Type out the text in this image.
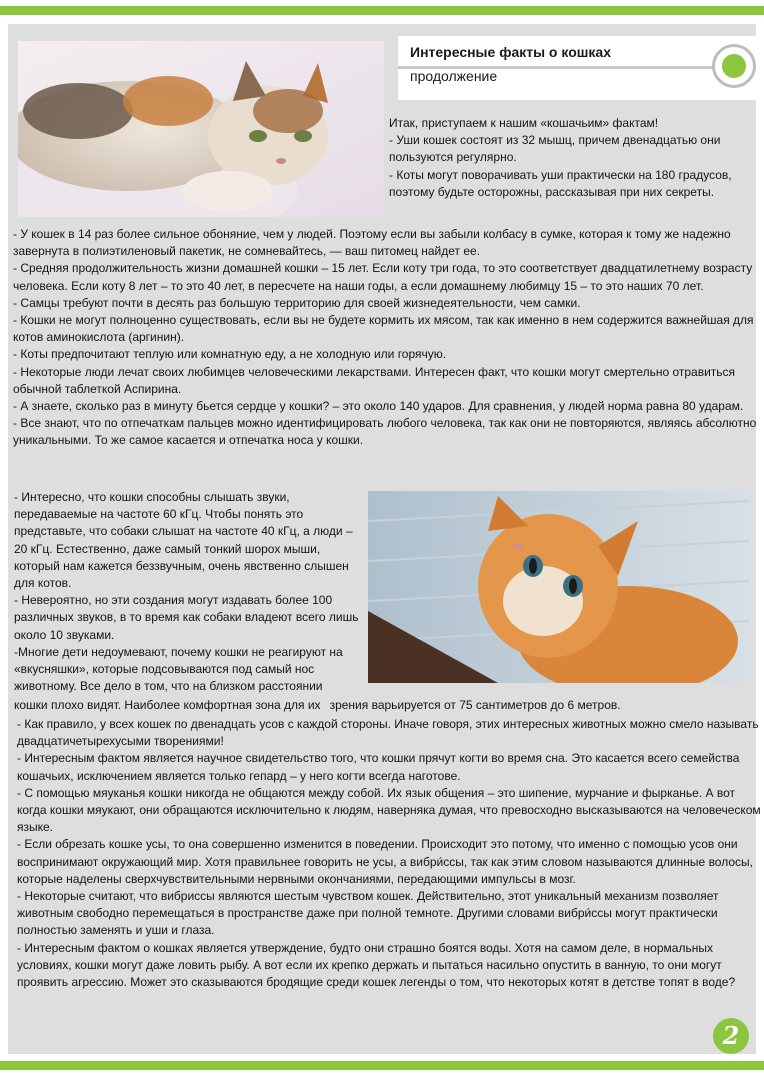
Интересные факты о кошках
продолжение

Итак, приступаем к нашим «кошачьим» фактам!

- Уши кошек состоят из 32 мышц, причем двенадцатью они пользуются регулярно.

- Коты могут поворачивать уши практически на 180 градусов, поэтому будьте осторожны, рассказывая при них секреты.

- У кошек в 14 раз более сильное обоняние, чем у людей. Поэтому если вы забыли колбасу в сумке, которая к тому же надежно завернута в полиэтиленовый пакетик, не сомневайтесь, — ваш питомец найдет ее.

- Средняя продолжительность жизни домашней кошки – 15 лет. Если коту три года, то это соответствует двадцатилетнему возрасту человека. Если коту 8 лет – то это 40 лет, в пересчете на наши годы, а если домашнему любимцу 15 – то это наших 70 лет.

- Самцы требуют почти в десять раз большую территорию для своей жизнедеятельности, чем самки.

- Кошки не могут полноценно существовать, если вы не будете кормить их мясом, так как именно в нем содержится важнейшая для котов аминокислота (аргинин).

- Коты предпочитают теплую или комнатную еду, а не холодную или горячую.

- Некоторые люди лечат своих любимцев человеческими лекарствами. Интересен факт, что кошки могут смертельно отравиться обычной таблеткой Аспирина.

- А знаете, сколько раз в минуту бьется сердце у кошки? – это около 140 ударов. Для сравнения, у людей норма равна 80 ударам.

- Все знают, что по отпечаткам пальцев можно идентифицировать любого человека, так как они не повторяются, являясь абсолютно уникальными. То же самое касается и отпечатка носа у кошки.

- Интересно, что кошки способны слышать звуки, передаваемые на частоте 60 кГц. Чтобы понять это представьте, что собаки слышат на частоте 40 кГц, а люди – 20 кГц. Естественно, даже самый тонкий шорох мыши, который нам кажется беззвучным, очень явственно слышен для котов.

- Невероятно, но эти создания могут издавать более 100 различных звуков, в то время как собаки владеют всего лишь около 10 звуками.

-Многие дети недоумевают, почему кошки не реагируют на «вкусняшки», которые подсовываются под самый нос животному. Все дело в том, что на близком расстоянии

кошки плохо видят. Наиболее комфортная зона для их зрения варьируется от 75 сантиметров до 6 метров.

- Как правило, у всех кошек по двенадцать усов с каждой стороны. Иначе говоря, этих интересных животных можно смело называть двадцатичетырехусыми творениями!

- Интересным фактом является научное свидетельство того, что кошки прячут когти во время сна. Это касается всего семейства кошачьих, исключением является только гепард – у него когти всегда наготове.

- С помощью мяуканья кошки никогда не общаются между собой. Их язык общения – это шипение, мурчание и фырканье. А вот когда кошки мяукают, они обращаются исключительно к людям, наверняка думая, что превосходно высказываются на человеческом языке.

- Если обрезать кошке усы, то она совершенно изменится в поведении. Происходит это потому, что именно с помощью усов они воспринимают окружающий мир. Хотя правильнее говорить не усы, а вибри́ссы, так как этим словом называются длинные волосы, которые наделены сверхчувствительными нервными окончаниями, передающими импульсы в мозг.

- Некоторые считают, что вибриссы являются шестым чувством кошек. Действительно, этот уникальный механизм позволяет животным свободно перемещаться в пространстве даже при полной темноте. Другими словами вибри́ссы могут практически полностью заменять и уши и глаза.

- Интересным фактом о кошках является утверждение, будто они страшно боятся воды. Хотя на самом деле, в нормальных условиях, кошки могут даже ловить рыбу. А вот если их крепко держать и пытаться насильно опустить в ванную, то они могут проявить агрессию. Может это сказываются бродящие среди кошек легенды о том, что некоторых котят в детстве топят в воде?

2
